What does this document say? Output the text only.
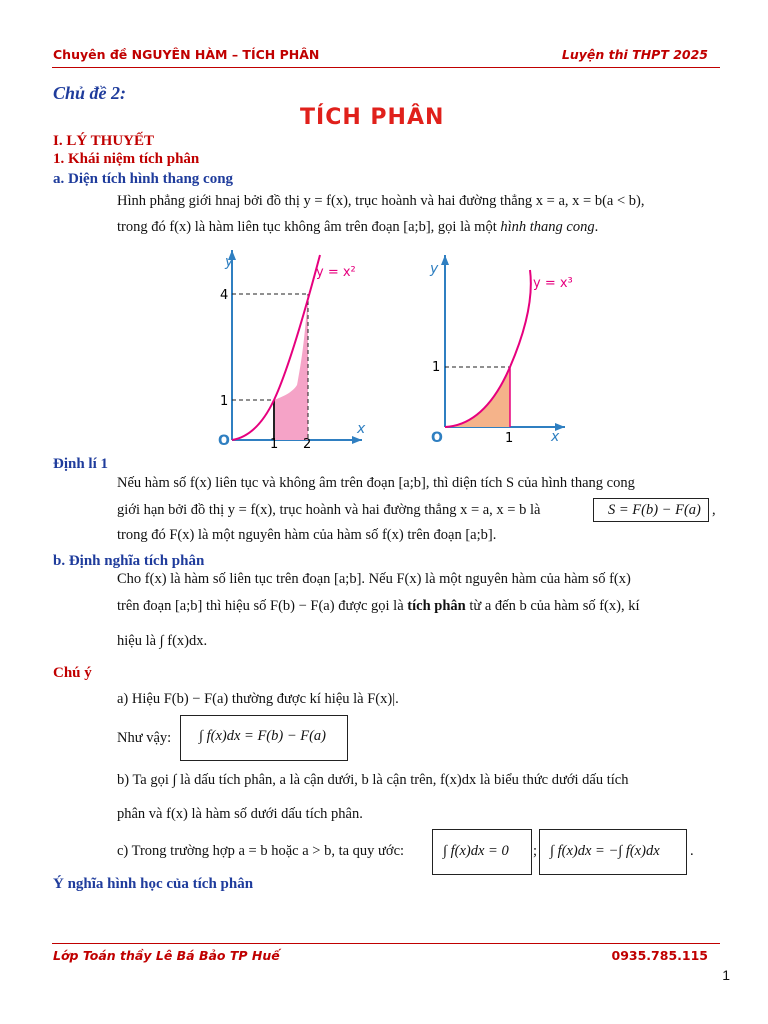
Chuyên đề NGUYÊN HÀM – TÍCH PHÂN	Luyện thi THPT 2025
Chủ đề 2:
TÍCH PHÂN
I. LÝ THUYẾT
1. Khái niệm tích phân
a. Diện tích hình thang cong
Hình phẳng giới hnaj bởi đồ thị y = f(x), trục hoành và hai đường thẳng x = a, x = b(a < b),
trong đó f(x) là hàm liên tục không âm trên đoạn [a;b], gọi là một hình thang cong.
y = x²
y
x
O	1 2
1
4
y = x³
y
x
O	1
1
Định lí 1
Nếu hàm số f(x) liên tục và không âm trên đoạn [a;b], thì diện tích S của hình thang cong
giới hạn bởi đồ thị y = f(x), trục hoành và hai đường thẳng x = a, x = b là	S = F(b) − F(a) ,
trong đó F(x) là một nguyên hàm của hàm số f(x) trên đoạn [a;b].
b. Định nghĩa tích phân
Cho f(x) là hàm số liên tục trên đoạn [a;b]. Nếu F(x) là một nguyên hàm của hàm số f(x)
trên đoạn [a;b] thì hiệu số F(b) − F(a) được gọi là tích phân từ a đến b của hàm số f(x), kí
hiệu là ∫ f(x)dx.
Chú ý
a) Hiệu F(b) − F(a) thường được kí hiệu là F(x)|.
Như vậy: ∫ f(x)dx = F(b) − F(a)
b) Ta gọi ∫ là dấu tích phân, a là cận dưới, b là cận trên, f(x)dx là biểu thức dưới dấu tích
phân và f(x) là hàm số dưới dấu tích phân.
c) Trong trường hợp a = b hoặc a > b, ta quy ước:	∫ f(x)dx = 0 ; ∫ f(x)dx = −∫ f(x)dx .
Ý nghĩa hình học của tích phân
Lớp Toán thầy Lê Bá Bảo TP Huế	0935.785.115
1
